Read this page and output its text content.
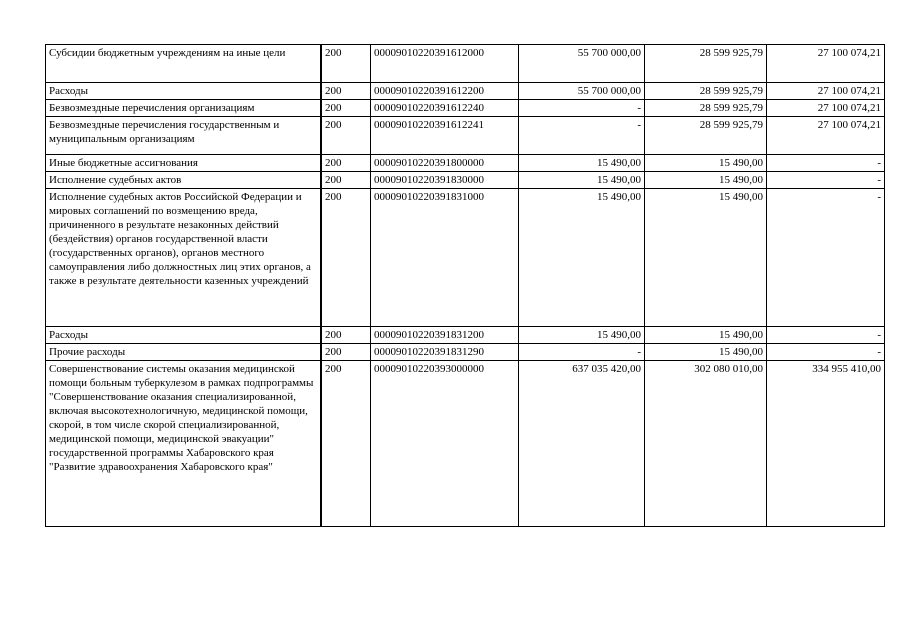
Субсидии бюджетным учреждениям на иные цели	200	00009010220391612000	55 700 000,00	28 599 925,79	27 100 074,21
Расходы	200	00009010220391612200	55 700 000,00	28 599 925,79	27 100 074,21
Безвозмездные перечисления организациям	200	00009010220391612240	-	28 599 925,79	27 100 074,21
Безвозмездные перечисления государственным и муниципальным организациям	200	00009010220391612241	-	28 599 925,79	27 100 074,21
Иные бюджетные ассигнования	200	00009010220391800000	15 490,00	15 490,00	-
Исполнение судебных актов	200	00009010220391830000	15 490,00	15 490,00	-
Исполнение судебных актов Российской Федерации и мировых соглашений по возмещению вреда, причиненного в результате незаконных действий (бездействия) органов государственной власти (государственных органов), органов местного самоуправления либо должностных лиц этих органов, а также в результате деятельности казенных учреждений	200	00009010220391831000	15 490,00	15 490,00	-
Расходы	200	00009010220391831200	15 490,00	15 490,00	-
Прочие расходы	200	00009010220391831290	-	15 490,00	-
Совершенствование системы оказания медицинской помощи больным туберкулезом в рамках подпрограммы "Совершенствование оказания специализированной, включая высокотехнологичную, медицинской помощи, скорой, в том числе скорой специализированной, медицинской помощи, медицинской эвакуации" государственной программы Хабаровского края "Развитие здравоохранения Хабаровского края"	200	00009010220393000000	637 035 420,00	302 080 010,00	334 955 410,00
